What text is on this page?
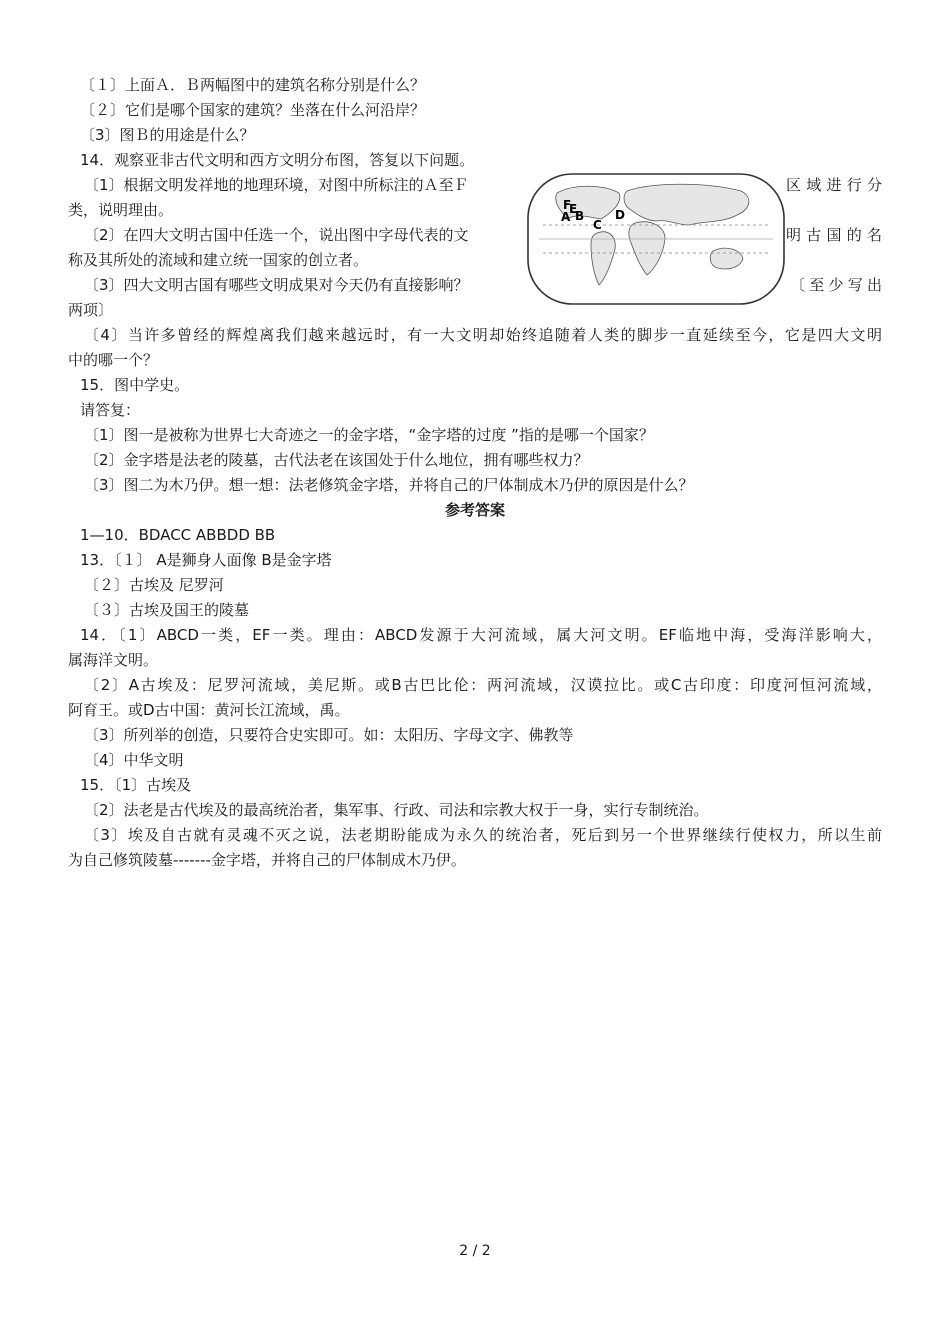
〔１〕上面Ａ．Ｂ两幅图中的建筑名称分别是什么？
〔２〕它们是哪个国家的建筑？坐落在什么河沿岸？
〔3〕图Ｂ的用途是什么？
14．观察亚非古代文明和西方文明分布图，答复以下问题。
〔1〕根据文明发祥地的地理环境，对图中所标注的Ａ至Ｆ	区域进行分
类，说明理由。
〔2〕在四大文明古国中任选一个，说出图中字母代表的文	明古国的名
称及其所处的流域和建立统一国家的创立者。
〔3〕四大文明古国有哪些文明成果对今天仍有直接影响？	〔至少写出
两项〕
F
E
A B
C
D
〔4〕当许多曾经的辉煌离我们越来越远时，有一大文明却始终追随着人类的脚步一直延续至今，它是四大文明
中的哪一个？
15．图中学史。
请答复：
〔1〕图一是被称为世界七大奇迹之一的金字塔，“金字塔的过度 ”指的是哪一个国家？
〔2〕金字塔是法老的陵墓，古代法老在该国处于什么地位，拥有哪些权力？
〔3〕图二为木乃伊。想一想：法老修筑金字塔，并将自己的尸体制成木乃伊的原因是什么？
参考答案
1—10．BDACC ABBDD BB
13．〔１〕 A是狮身人面像 B是金字塔
〔２〕古埃及 尼罗河
〔３〕古埃及国王的陵墓
14．〔1〕ABCD一类，EF一类。理由：ABCD发源于大河流域，属大河文明。EF临地中海，受海洋影响大，
属海洋文明。
〔2〕A古埃及：尼罗河流域，美尼斯。或B古巴比伦：两河流域，汉谟拉比。或C古印度：印度河恒河流域，
阿育王。或D古中国：黄河长江流域，禹。
〔3〕所列举的创造，只要符合史实即可。如：太阳历、字母文字、佛教等
〔4〕中华文明
15．〔1〕古埃及
〔2〕法老是古代埃及的最高统治者，集军事、行政、司法和宗教大权于一身，实行专制统治。
〔3〕埃及自古就有灵魂不灭之说，法老期盼能成为永久的统治者，死后到另一个世界继续行使权力，所以生前
为自己修筑陵墓-------金字塔，并将自己的尸体制成木乃伊。
2 / 2
